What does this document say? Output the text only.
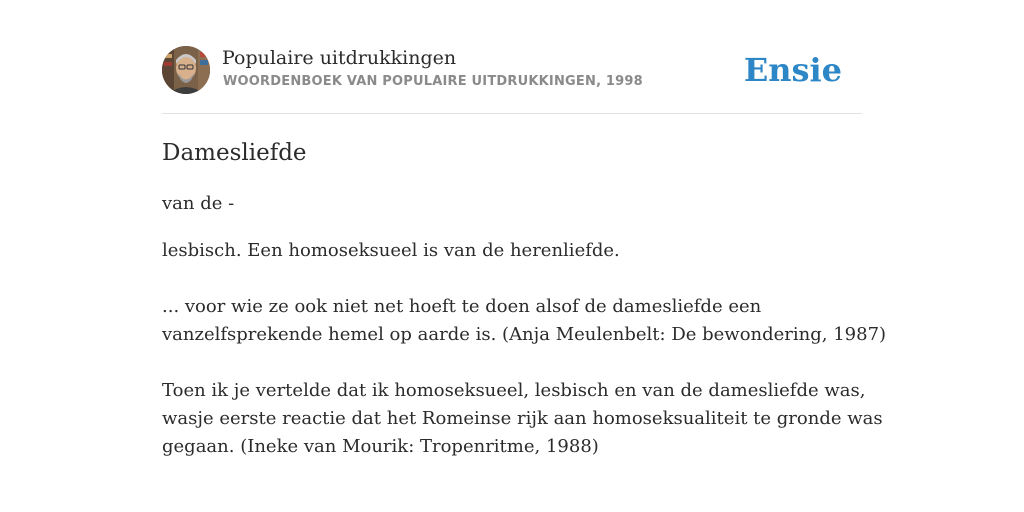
Populaire uitdrukkingen
WOORDENBOEK VAN POPULAIRE UITDRUKKINGEN, 1998	Ensie
Damesliefde
van de -
lesbisch. Een homoseksueel is van de herenliefde.
... voor wie ze ook niet net hoeft te doen alsof de damesliefde een
vanzelfsprekende hemel op aarde is. (Anja Meulenbelt: De bewondering, 1987)
Toen ik je vertelde dat ik homoseksueel, lesbisch en van de damesliefde was,
wasje eerste reactie dat het Romeinse rijk aan homoseksualiteit te gronde was
gegaan. (Ineke van Mourik: Tropenritme, 1988)
